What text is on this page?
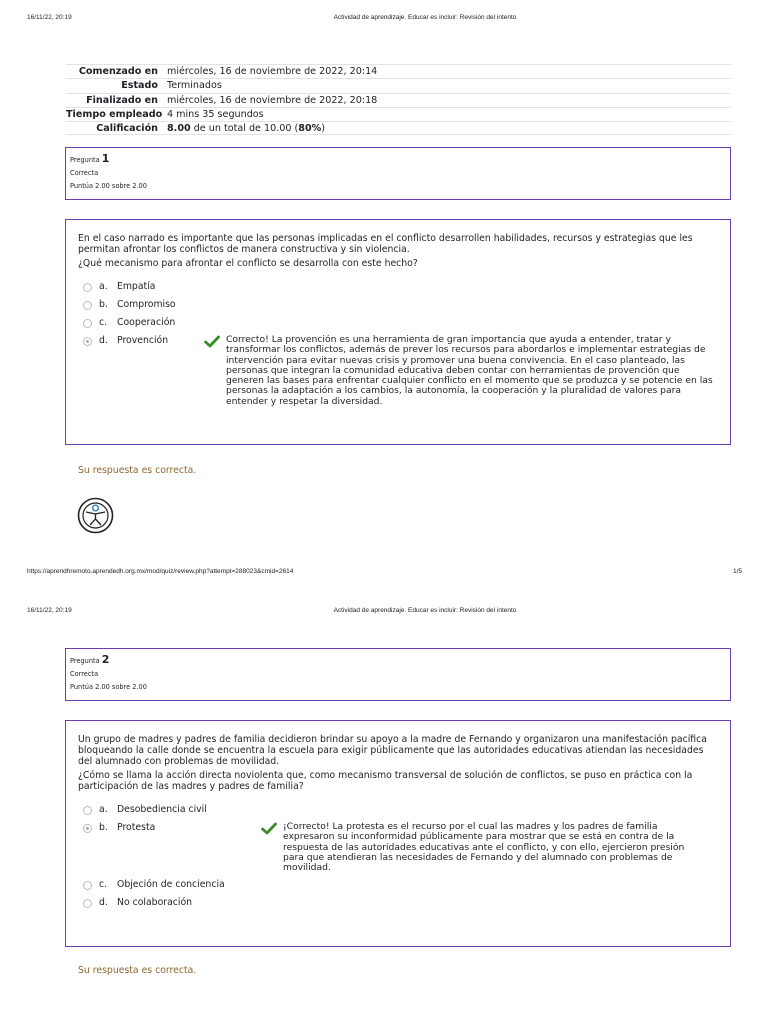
16/11/22, 20:19	Actividad de aprendizaje. Educar es incluir: Revisión del intento
Comenzado en miércoles, 16 de noviembre de 2022, 20:14
Estado Terminados
Finalizado en miércoles, 16 de noviembre de 2022, 20:18
Tiempo empleado 4 mins 35 segundos
Calificación 8.00 de un total de 10.00 (80%)
Pregunta 1
Correcta
Puntúa 2.00 sobre 2.00

En el caso narrado es importante que las personas implicadas en el conflicto desarrollen habilidades, recursos y estrategias que les permitan afrontar los conflictos de manera constructiva y sin violencia.

¿Qué mecanismo para afrontar el conflicto se desarrolla con este hecho?

a.	Empatía
b. Compromiso
c.	Cooperación
d. Provención	Correcto! La provención es una herramienta de gran importancia que ayuda a entender, tratar y transformar los conflictos, además de prever los recursos para abordarlos e implementar estrategias de intervención para evitar nuevas crisis y promover una buena convivencia. En el caso planteado, las personas que integran la comunidad educativa deben contar con herramientas de provención que generen las bases para enfrentar cualquier conflicto en el momento que se produzca y se potencie en las personas la adaptación a los cambios, la autonomía, la cooperación y la pluralidad de valores para entender y respetar la diversidad.
Su respuesta es correcta.
https://aprendhremoto.aprendedh.org.mx/mod/quiz/review.php?attempt=288023&cmid=2614	1/5
16/11/22, 20:19	Actividad de aprendizaje. Educar es incluir: Revisión del intento
Pregunta 2
Correcta
Puntúa 2.00 sobre 2.00

Un grupo de madres y padres de familia decidieron brindar su apoyo a la madre de Fernando y organizaron una manifestación pacífica bloqueando la calle donde se encuentra la escuela para exigir públicamente que las autoridades educativas atiendan las necesidades del alumnado con problemas de movilidad.

¿Cómo se llama la acción directa noviolenta que, como mecanismo transversal de solución de conflictos, se puso en práctica con la participación de las madres y padres de familia?

a.	Desobediencia civil
b. Protesta	¡Correcto! La protesta es el recurso por el cual las madres y los padres de familia expresaron su inconformidad públicamente para mostrar que se está en contra de la respuesta de las autoridades educativas ante el conflicto, y con ello, ejercieron presión para que atendieran las necesidades de Fernando y del alumnado con problemas de movilidad.
c.	Objeción de conciencia
d. No colaboración
Su respuesta es correcta.
